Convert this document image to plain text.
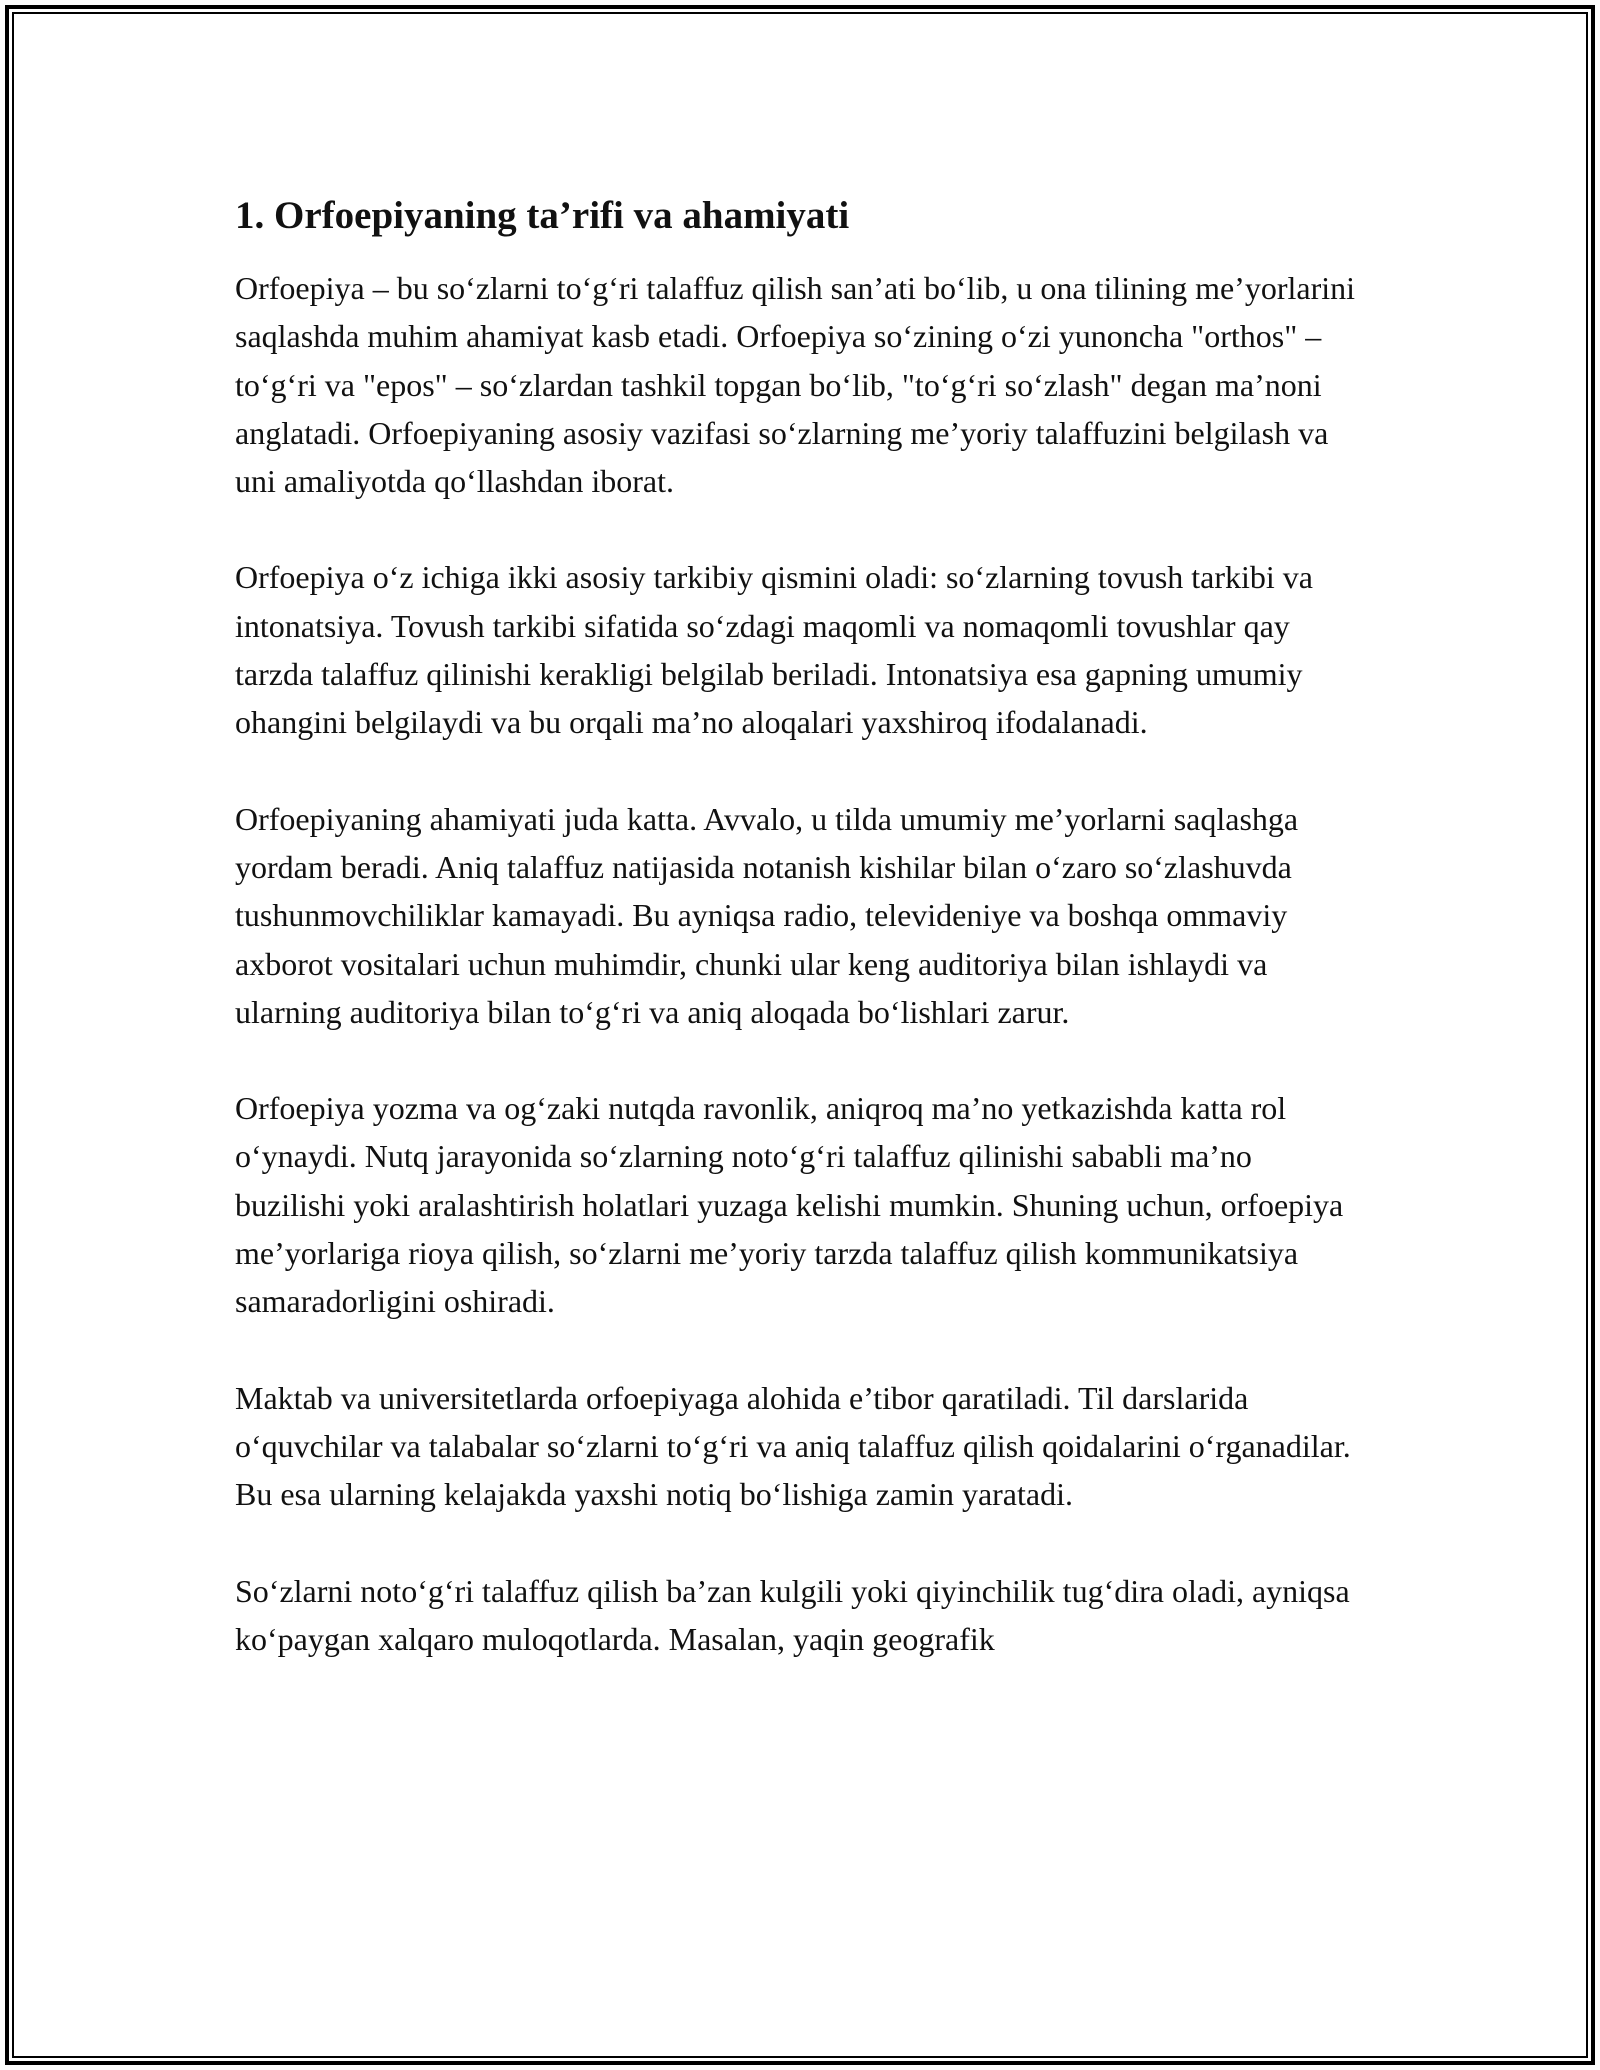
1. Orfoepiyaning ta’rifi va ahamiyati

Orfoepiya – bu so‘zlarni to‘g‘ri talaffuz qilish san’ati bo‘lib, u ona tilining me’yorlarini saqlashda muhim ahamiyat kasb etadi. Orfoepiya so‘zining o‘zi yunoncha "orthos" – to‘g‘ri va "epos" – so‘zlardan tashkil topgan bo‘lib, "to‘g‘ri so‘zlash" degan ma’noni anglatadi. Orfoepiyaning asosiy vazifasi so‘zlarning me’yoriy talaffuzini belgilash va uni amaliyotda qo‘llashdan iborat.

Orfoepiya o‘z ichiga ikki asosiy tarkibiy qismini oladi: so‘zlarning tovush tarkibi va intonatsiya. Tovush tarkibi sifatida so‘zdagi maqomli va nomaqomli tovushlar qay tarzda talaffuz qilinishi kerakligi belgilab beriladi. Intonatsiya esa gapning umumiy ohangini belgilaydi va bu orqali ma’no aloqalari yaxshiroq ifodalanadi.

Orfoepiyaning ahamiyati juda katta. Avvalo, u tilda umumiy me’yorlarni saqlashga yordam beradi. Aniq talaffuz natijasida notanish kishilar bilan o‘zaro so‘zlashuvda tushunmovchiliklar kamayadi. Bu ayniqsa radio, televideniye va boshqa ommaviy axborot vositalari uchun muhimdir, chunki ular keng auditoriya bilan ishlaydi va ularning auditoriya bilan to‘g‘ri va aniq aloqada bo‘lishlari zarur.

Orfoepiya yozma va og‘zaki nutqda ravonlik, aniqroq ma’no yetkazishda katta rol o‘ynaydi. Nutq jarayonida so‘zlarning noto‘g‘ri talaffuz qilinishi sababli ma’no buzilishi yoki aralashtirish holatlari yuzaga kelishi mumkin. Shuning uchun, orfoepiya me’yorlariga rioya qilish, so‘zlarni me’yoriy tarzda talaffuz qilish kommunikatsiya samaradorligini oshiradi.

Maktab va universitetlarda orfoepiyaga alohida e’tibor qaratiladi. Til darslarida o‘quvchilar va talabalar so‘zlarni to‘g‘ri va aniq talaffuz qilish qoidalarini o‘rganadilar. Bu esa ularning kelajakda yaxshi notiq bo‘lishiga zamin yaratadi.

So‘zlarni noto‘g‘ri talaffuz qilish ba’zan kulgili yoki qiyinchilik tug‘dira oladi, ayniqsa ko‘paygan xalqaro muloqotlarda. Masalan, yaqin geografik
